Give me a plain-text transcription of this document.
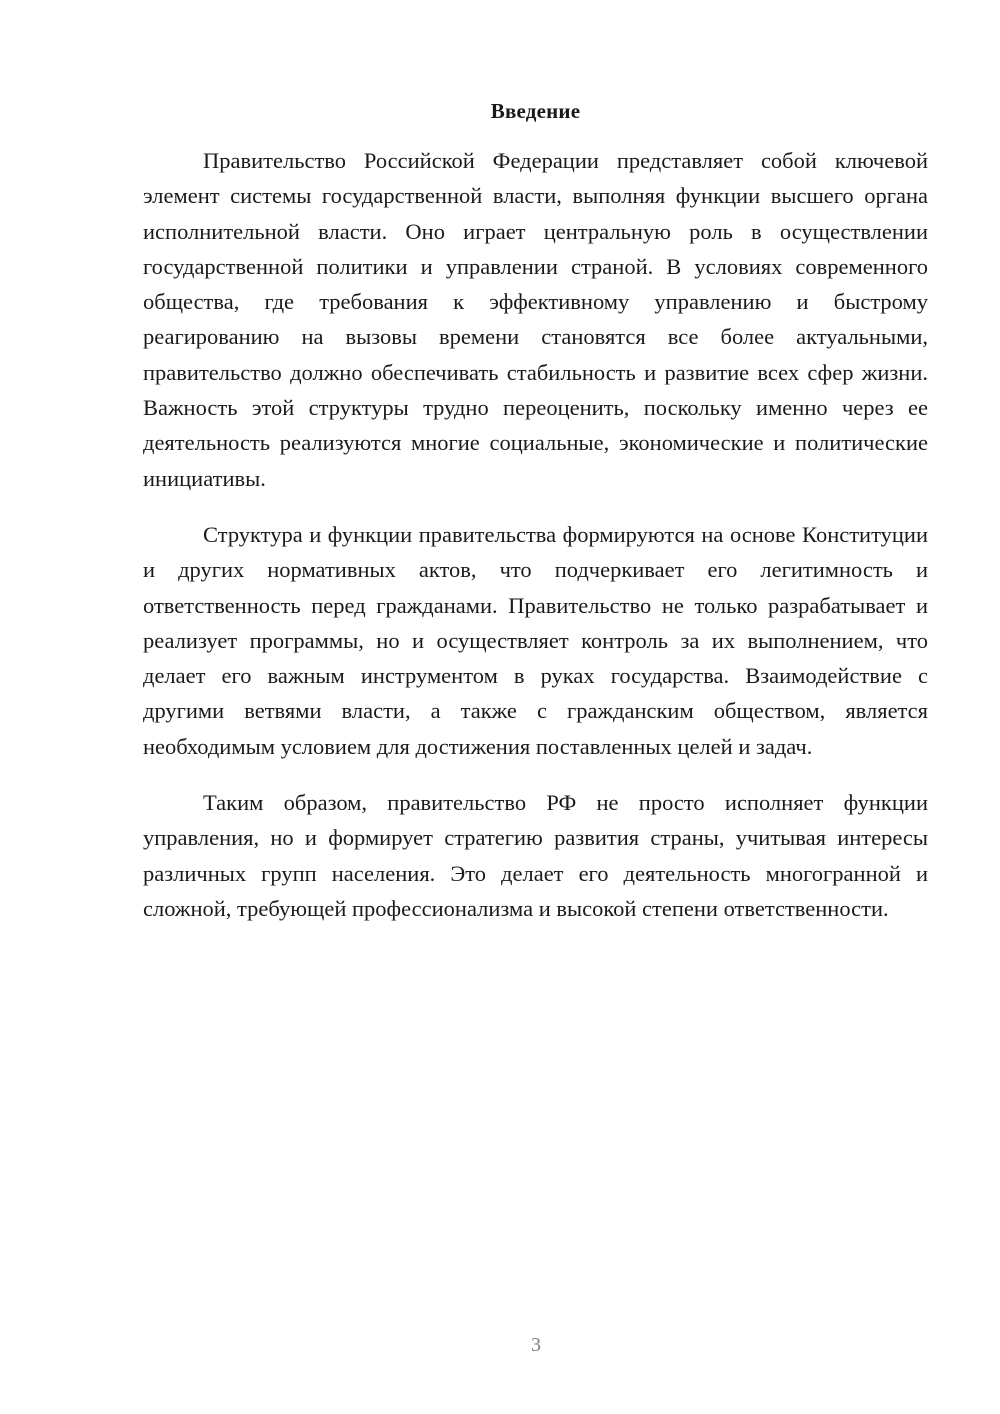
Введение

Правительство Российской Федерации представляет собой ключевой элемент системы государственной власти, выполняя функции высшего органа исполнительной власти. Оно играет центральную роль в осуществлении государственной политики и управлении страной. В условиях современного общества, где требования к эффективному управлению и быстрому реагированию на вызовы времени становятся все более актуальными, правительство должно обеспечивать стабильность и развитие всех сфер жизни. Важность этой структуры трудно переоценить, поскольку именно через ее деятельность реализуются многие социальные, экономические и политические инициативы.

Структура и функции правительства формируются на основе Конституции и других нормативных актов, что подчеркивает его легитимность и ответственность перед гражданами. Правительство не только разрабатывает и реализует программы, но и осуществляет контроль за их выполнением, что делает его важным инструментом в руках государства. Взаимодействие с другими ветвями власти, а также с гражданским обществом, является необходимым условием для достижения поставленных целей и задач.

Таким образом, правительство РФ не просто исполняет функции управления, но и формирует стратегию развития страны, учитывая интересы различных групп населения. Это делает его деятельность многогранной и сложной, требующей профессионализма и высокой степени ответственности.

3
